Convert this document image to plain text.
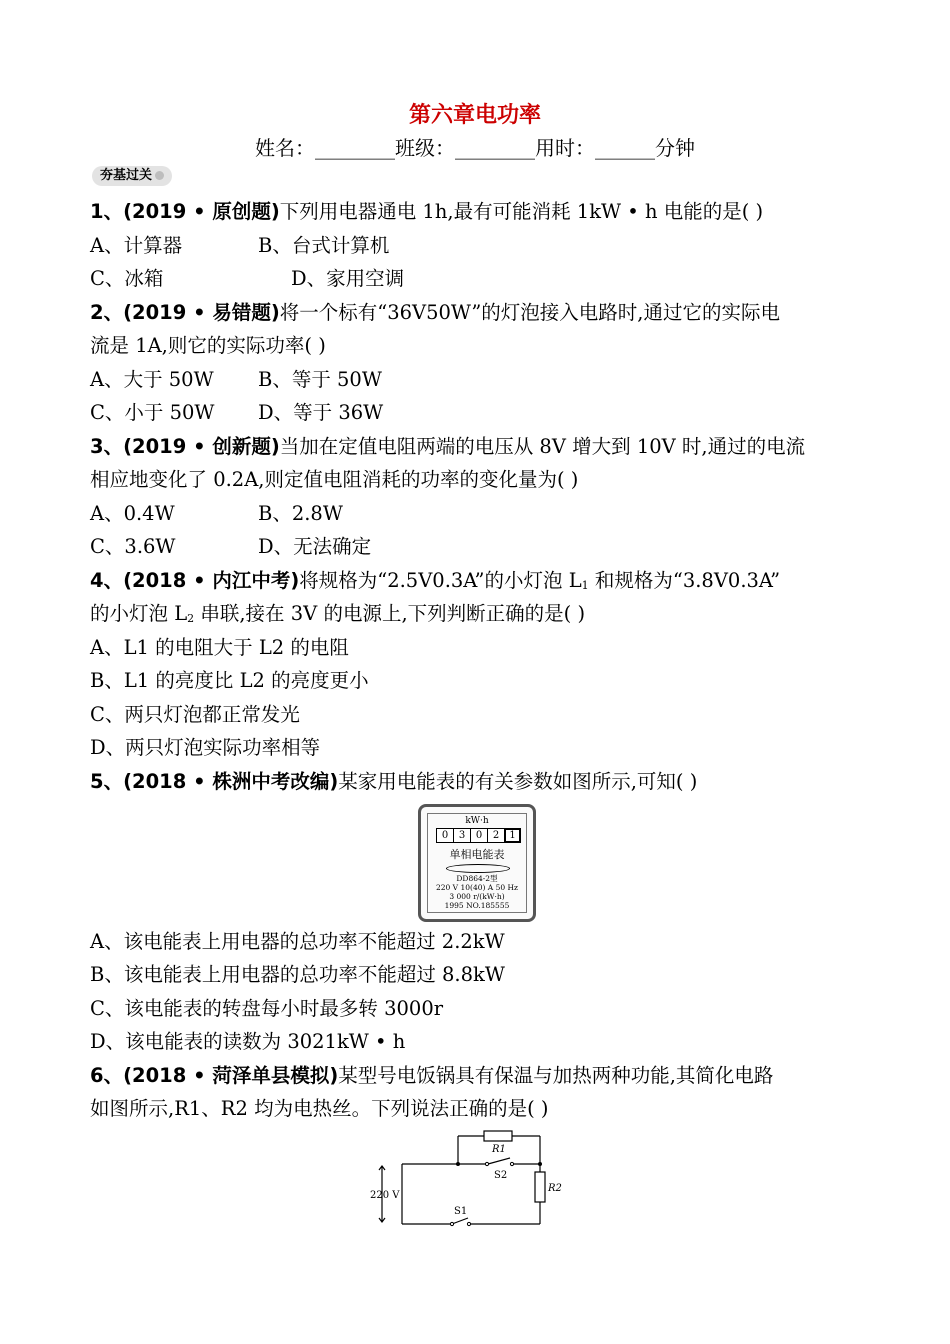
第六章电功率
姓名：________班级：________用时：______分钟
夯基过关
1、(2019 • 原创题)下列用电器通电 1h,最有可能消耗 1kW • h 电能的是( )
A、计算器	B、台式计算机
C、冰箱	D、家用空调
2、(2019 • 易错题)将一个标有“36V50W”的灯泡接入电路时,通过它的实际电
流是 1A,则它的实际功率( )
A、大于 50W B、等于 50W
C、小于 50W D、等于 36W
3、(2019 • 创新题)当加在定值电阻两端的电压从 8V 增大到 10V 时,通过的电流
相应地变化了 0.2A,则定值电阻消耗的功率的变化量为( )
A、0.4W	B、2.8W
C、3.6W	D、无法确定
4、(2018 • 内江中考)将规格为“2.5V0.3A”的小灯泡 $L_1$ 和规格为“3.8V0.3A”
的小灯泡 $L_2$ 串联,接在 3V 的电源上,下列判断正确的是( )
A、L1 的电阻大于 L2 的电阻
B、L1 的亮度比 L2 的亮度更小
C、两只灯泡都正常发光
D、两只灯泡实际功率相等
5、(2018 • 株洲中考改编)某家用电能表的有关参数如图所示,可知( )
kW·h
0	3	0	2	1
单相电能表
DD864-2型
220 V 10(40) A 50 Hz
3 000 r/(kW·h)
1995 NO.185555
A、该电能表上用电器的总功率不能超过 2.2kW
B、该电能表上用电器的总功率不能超过 8.8kW
C、该电能表的转盘每小时最多转 3000r
D、该电能表的读数为 3021kW • h
6、(2018 • 菏泽单县模拟)某型号电饭锅具有保温与加热两种功能,其简化电路
如图所示,R1、R2 均为电热丝。下列说法正确的是( )
220 V
R1
S2
R2
S1
